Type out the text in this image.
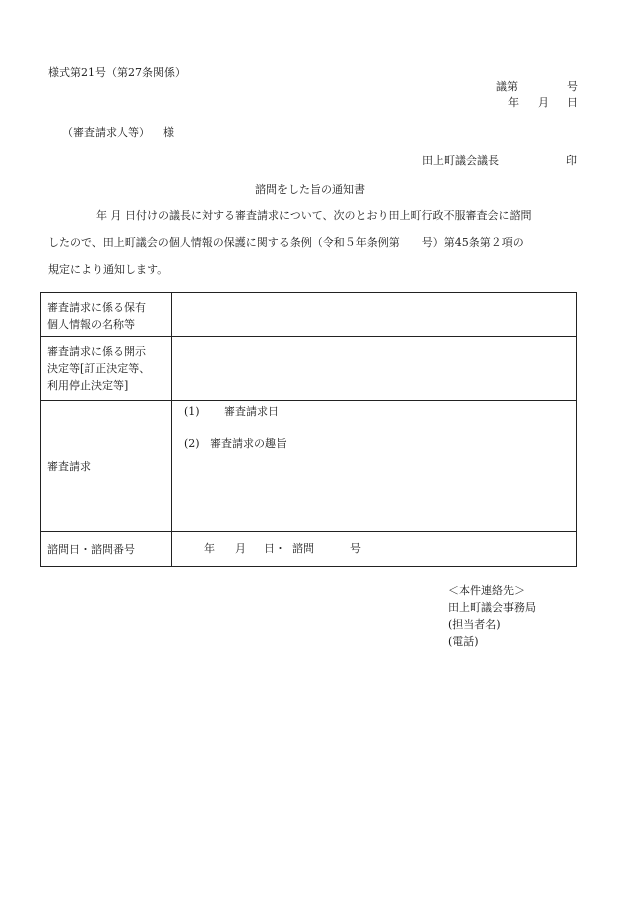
様式第21号（第27条関係）
議第	号
年 月 日
（審査請求人等） 様
田上町議会議長	印
諮問をした旨の通知書
年 月 日付けの議長に対する審査請求について、次のとおり田上町行政不服審査会に諮問
したので、田上町議会の個人情報の保護に関する条例（令和５年条例第　　号）第45条第２項の
規定により通知します。
審査請求に係る保有
個人情報の名称等	

審査請求に係る開示
決定等[訂正決定等、
利用停止決定等]	

審査請求	(1) 審査請求日
(2) 審査請求の趣旨

諮問日・諮問番号	年 月 日・ 諮問 号
＜本件連絡先＞
田上町議会事務局
(担当者名)
(電話)
